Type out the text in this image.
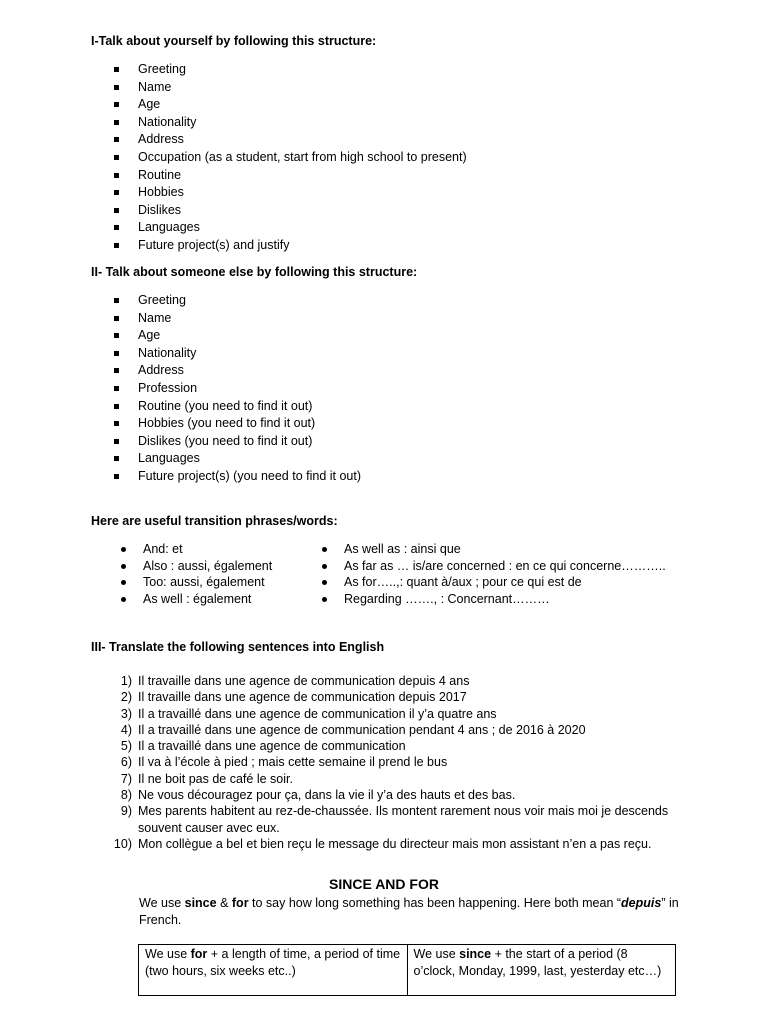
I-Talk about yourself by following this structure:
Greeting
Name
Age
Nationality
Address
Occupation (as a student, start from high school to present)
Routine
Hobbies
Dislikes
Languages
Future project(s) and justify
II- Talk about someone else by following this structure:
Greeting
Name
Age
Nationality
Address
Profession
Routine (you need to find it out)
Hobbies (you need to find it out)
Dislikes (you need to find it out)
Languages
Future project(s) (you need to find it out)
Here are useful transition phrases/words:
And: et
Also : aussi, également
Too: aussi, également
As well : également
As well as : ainsi que
As far as … is/are concerned : en ce qui concerne………..
As for…..,: quant à/aux ; pour ce qui est de
Regarding ……., : Concernant………
III- Translate the following sentences into English
1) Il travaille dans une agence de communication depuis 4 ans
2) Il travaille dans une agence de communication depuis 2017
3) Il a travaillé dans une agence de communication il y’a quatre ans
4) Il a travaillé dans une agence de communication pendant 4 ans ; de 2016 à 2020
5) Il a travaillé dans une agence de communication
6) Il va à l’école à pied ; mais cette semaine il prend le bus
7) Il ne boit pas de café le soir.
8) Ne vous découragez pour ça, dans la vie il y’a des hauts et des bas.
9) Mes parents habitent au rez-de-chaussée. Ils montent rarement nous voir mais moi je descends souvent causer avec eux.
10) Mon collègue a bel et bien reçu le message du directeur mais mon assistant n’en a pas reçu.
SINCE AND FOR
We use since & for to say how long something has been happening. Here both mean “depuis” in French.
We use for + a length of time, a period of time (two hours, six weeks etc..)	We use since + the start of a period (8 o’clock, Monday, 1999, last, yesterday etc…)
